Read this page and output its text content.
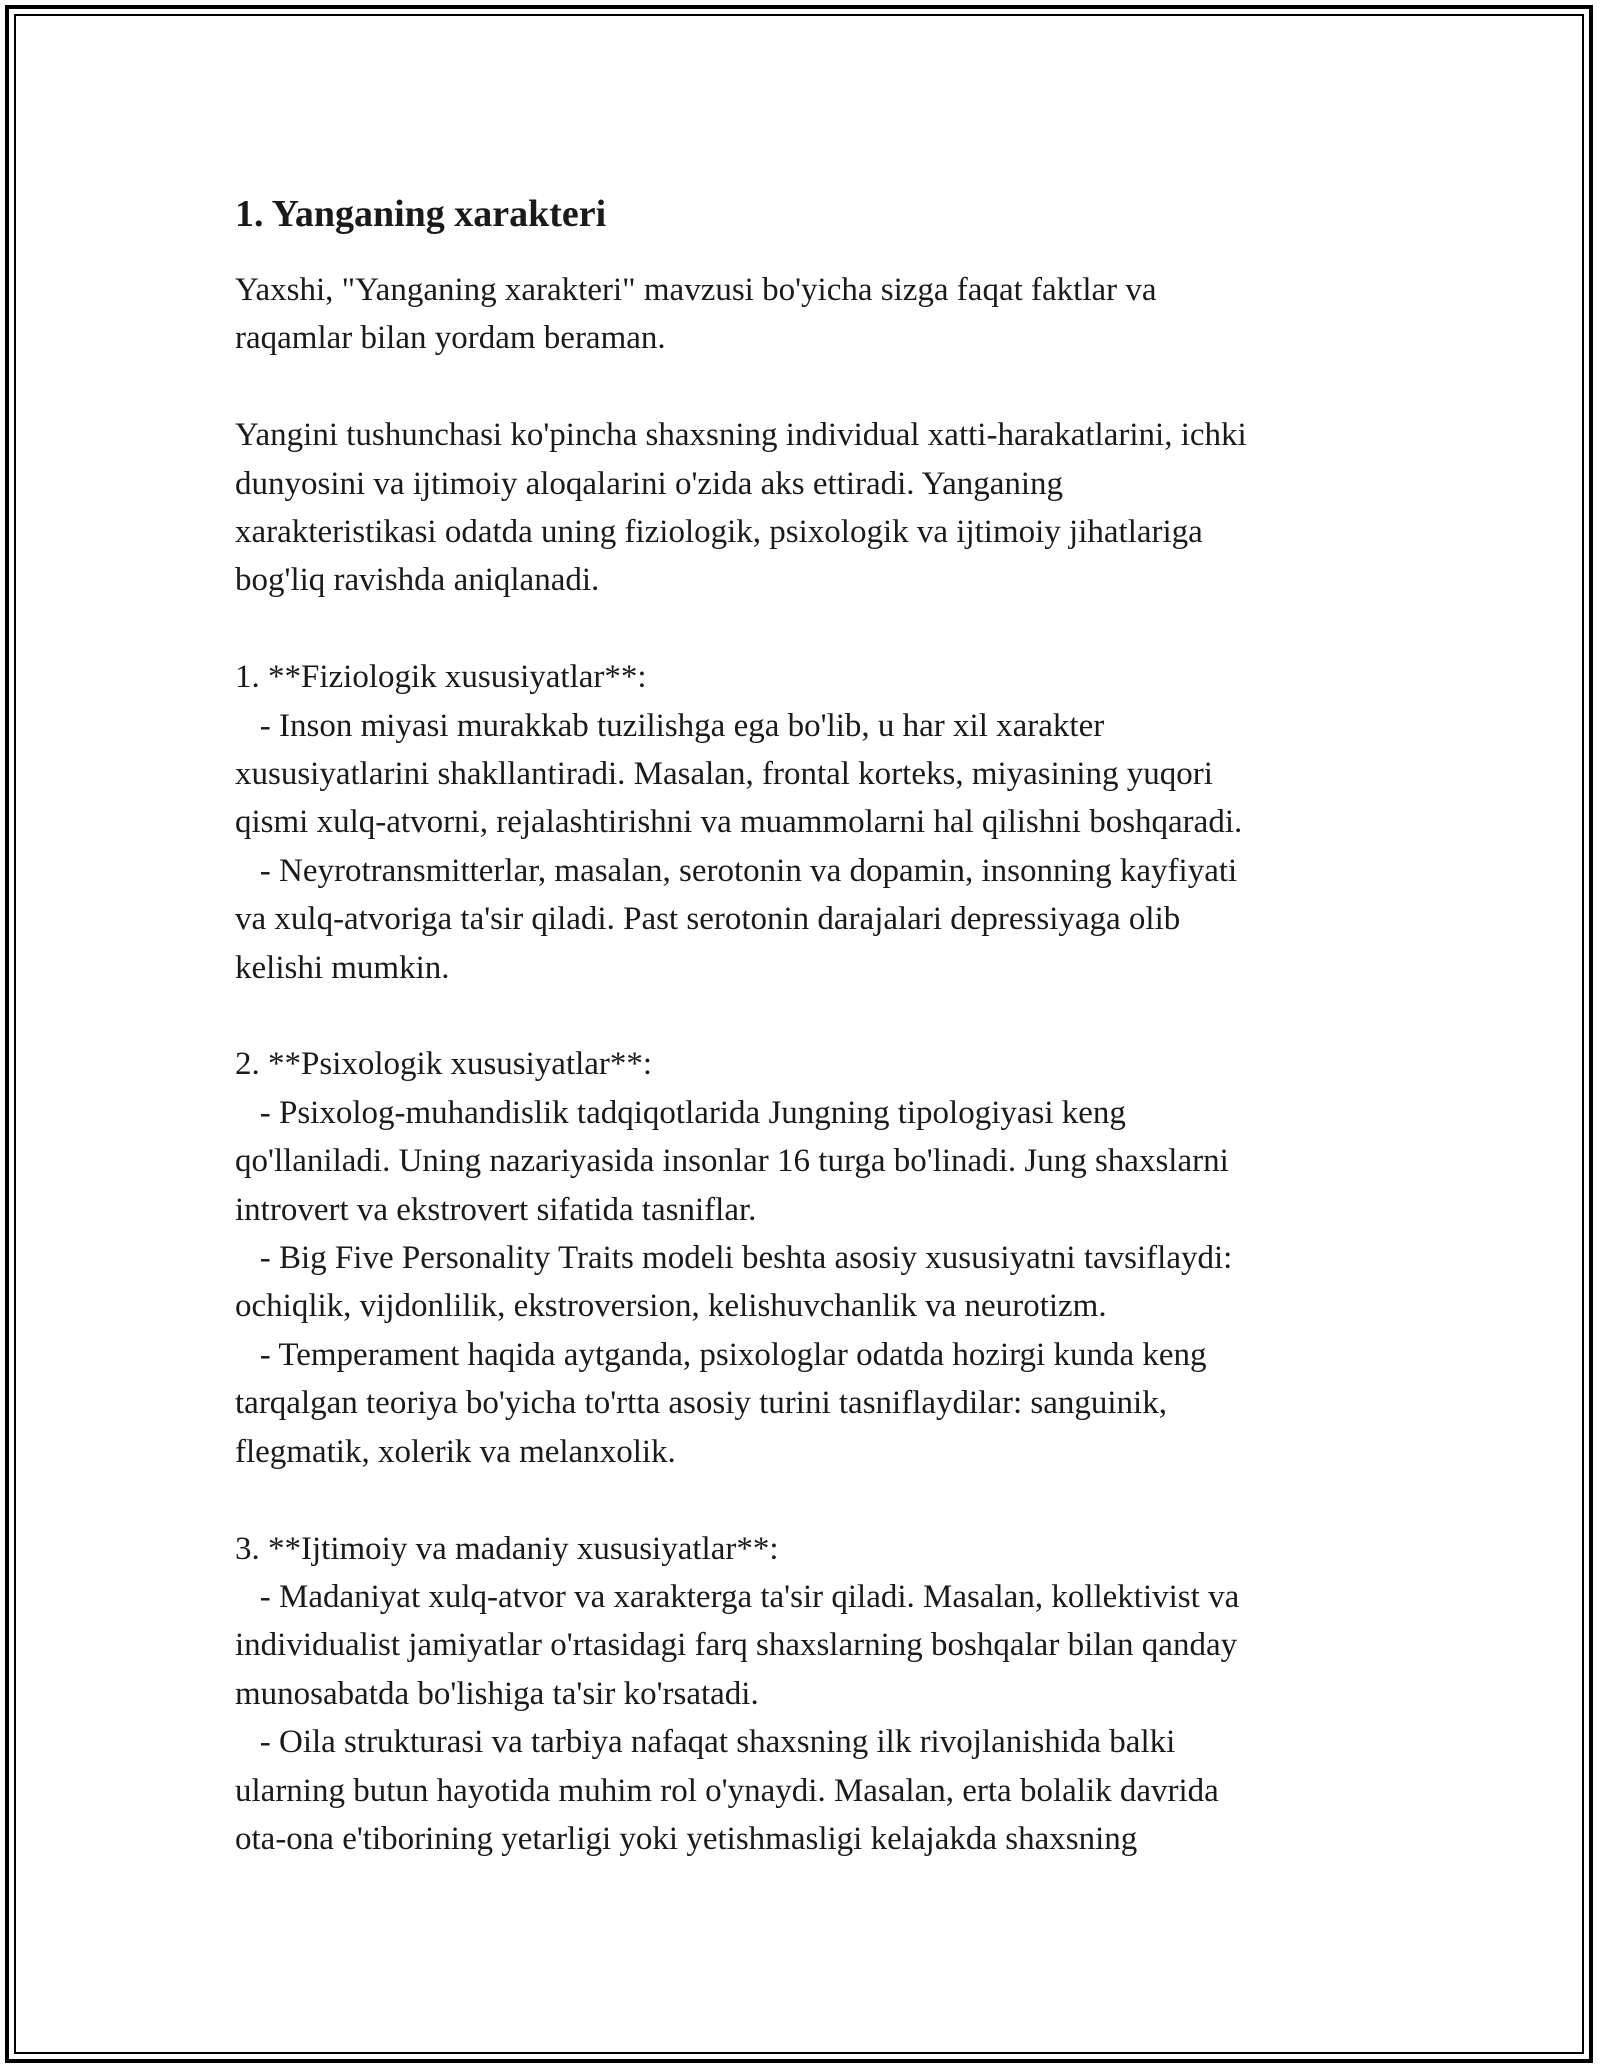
1. Yanganing xarakteri

Yaxshi, "Yanganing xarakteri" mavzusi bo'yicha sizga faqat faktlar va
raqamlar bilan yordam beraman.

Yangini tushunchasi ko'pincha shaxsning individual xatti-harakatlarini, ichki
dunyosini va ijtimoiy aloqalarini o'zida aks ettiradi. Yanganing
xarakteristikasi odatda uning fiziologik, psixologik va ijtimoiy jihatlariga
bog'liq ravishda aniqlanadi.

1. **Fiziologik xususiyatlar**:
- Inson miyasi murakkab tuzilishga ega bo'lib, u har xil xarakter
xususiyatlarini shakllantiradi. Masalan, frontal korteks, miyasining yuqori
qismi xulq-atvorni, rejalashtirishni va muammolarni hal qilishni boshqaradi.
- Neyrotransmitterlar, masalan, serotonin va dopamin, insonning kayfiyati
va xulq-atvoriga ta'sir qiladi. Past serotonin darajalari depressiyaga olib
kelishi mumkin.

2. **Psixologik xususiyatlar**:
- Psixolog-muhandislik tadqiqotlarida Jungning tipologiyasi keng
qo'llaniladi. Uning nazariyasida insonlar 16 turga bo'linadi. Jung shaxslarni
introvert va ekstrovert sifatida tasniflar.
- Big Five Personality Traits modeli beshta asosiy xususiyatni tavsiflaydi:
ochiqlik, vijdonlilik, ekstroversion, kelishuvchanlik va neurotizm.
- Temperament haqida aytganda, psixologlar odatda hozirgi kunda keng
tarqalgan teoriya bo'yicha to'rtta asosiy turini tasniflaydilar: sanguinik,
flegmatik, xolerik va melanxolik.

3. **Ijtimoiy va madaniy xususiyatlar**:
- Madaniyat xulq-atvor va xarakterga ta'sir qiladi. Masalan, kollektivist va
individualist jamiyatlar o'rtasidagi farq shaxslarning boshqalar bilan qanday
munosabatda bo'lishiga ta'sir ko'rsatadi.
- Oila strukturasi va tarbiya nafaqat shaxsning ilk rivojlanishida balki
ularning butun hayotida muhim rol o'ynaydi. Masalan, erta bolalik davrida
ota-ona e'tiborining yetarligi yoki yetishmasligi kelajakda shaxsning
